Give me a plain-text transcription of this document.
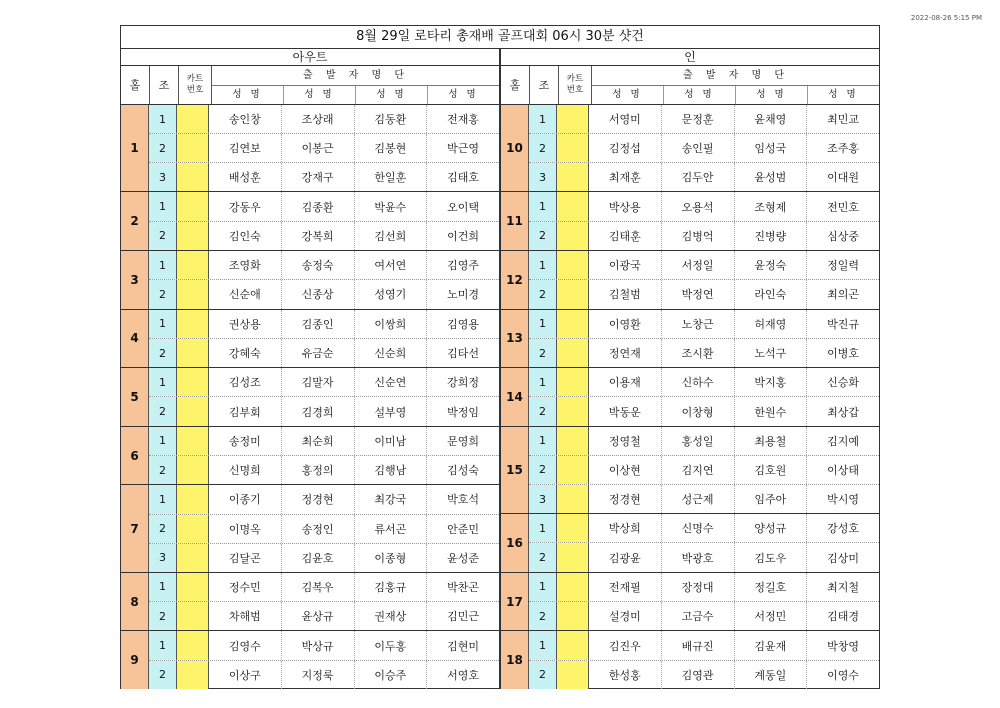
2022-08-26 5:15 PM
8월 29일 로타리 총재배 골프대회 06시 30분 샷건
아우트
홀	조	카트
번호
출 발 자 명 단
성 명	성 명	성 명	성 명
1
1	송인창	조상래	김동환	전재홍
2	김연보	이봉근	김봉현	박근영
3	배성훈	강재구	한일훈	김태호
2
1	강동우	김종환	박윤수	오이택
2	김인숙	강복희	김선희	이건희
3
1	조영화	송정숙	여서연	김영주
2	신순애	신종상	성영기	노미경
4
1	권상용	김종인	이쌍희	김영용
2	강혜숙	유금순	신순희	김타선
5
1	김성조	김말자	신순연	강희정
2	김부회	김경희	설부영	박정임
6
1	송정미	최순희	이미남	문영희
2	신명희	홍정의	김행남	김성숙
7
1	이종기	정경현	최강국	박호석
2	이명옥	송정인	류서곤	안준민
3	김달곤	김윤호	이종형	윤성준
8
1	정수민	김복우	김홍규	박찬곤
2	차해범	윤상규	권재상	김민근
9
1	김영수	박상규	이두홍	김현미
2	이상구	지정룩	이승주	서영호
인
홀	조	카트
번호
출 발 자 명 단
성 명	성 명	성 명	성 명
10
1	서영미	문정훈	윤채영	최민교
2	김정섭	송인필	임성국	조주홍
3	최재훈	김두안	윤성범	이대원
11
1	박상용	오용석	조형제	전민호
2	김태훈	김병억	진병량	심상중
12
1	이광국	서정일	윤정숙	정일력
2	김철범	박정연	라인숙	최의곤
13
1	이영환	노창근	허재영	박진규
2	정연재	조시환	노석구	이병호
14
1	이용재	신하수	박지홍	신승화
2	박동운	이창형	한원수	최상갑
15
1	정영철	홍성일	최용철	김지예
2	이상현	김지연	김호원	이상태
3	정경현	성근제	임주아	박시영
16
1	박상희	신명수	양성규	강성호
2	김광윤	박광호	김도우	김상미
17
1	전재필	장정대	정길호	최지철
2	설경미	고금수	서정민	김태경
18
1	김진우	배규진	김윤재	박창영
2	한성홍	김영관	계동일	이영수
